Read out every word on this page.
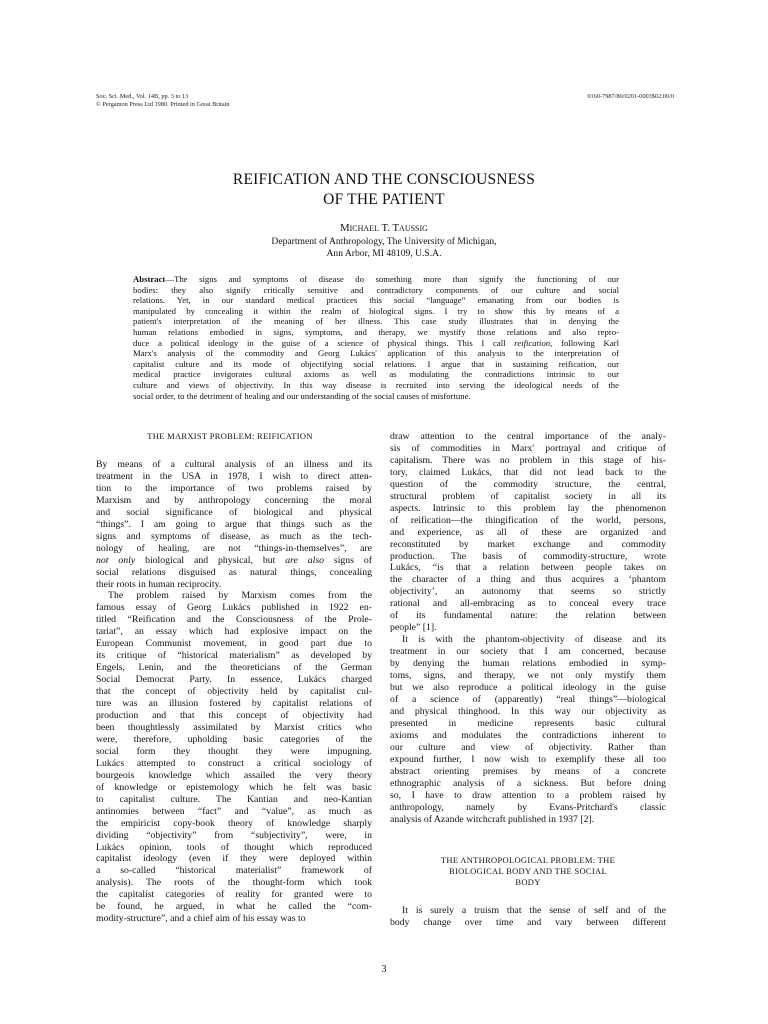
Soc. Sci. Med., Vol. 14B, pp. 3 to 13
© Pergamon Press Ltd 1980. Printed in Great Britain
0160-7987/80/0201-0003$02.00/0
REIFICATION AND THE CONSCIOUSNESS
OF THE PATIENT
Michael T. Taussig
Department of Anthropology, The University of Michigan,
Ann Arbor, MI 48109, U.S.A.
Abstract—The signs and symptoms of disease do something more than signify the functioning of our
bodies: they also signify critically sensitive and contradictory components of our culture and social
relations. Yet, in our standard medical practices this social “language” emanating from our bodies is
manipulated by concealing it within the realm of biological signs. I try to show this by means of a
patient's interpretation of the meaning of her illness. This case study illustrates that in denying the
human relations embodied in signs, symptoms, and therapy, we mystify those relations and also repro-
duce a political ideology in the guise of a science of physical things. This I call reification, following Karl
Marx's analysis of the commodity and Georg Lukács' application of this analysis to the interpretation of
capitalist culture and its mode of objectifying social relations. I argue that in sustaining reification, our
medical practice invigorates cultural axioms as well as modulating the contradictions intrinsic to our
culture and views of objectivity. In this way disease is recruited into serving the ideological needs of the
social order, to the detriment of healing and our understanding of the social causes of misfortune.
THE MARXIST PROBLEM: REIFICATION
By means of a cultural analysis of an illness and its
treatment in the USA in 1978, I wish to direct atten-
tion to the importance of two problems raised by
Marxism and by anthropology concerning the moral
and social significance of biological and physical
“things”. I am going to argue that things such as the
signs and symptoms of disease, as much as the tech-
nology of healing, are not “things-in-themselves”, are
not only biological and physical, but are also signs of
social relations disguised as natural things, concealing
their roots in human reciprocity.
The problem raised by Marxism comes from the
famous essay of Georg Lukács published in 1922 en-
titled “Reification and the Consciousness of the Prole-
tariat”, an essay which had explosive impact on the
European Communist movement, in good part due to
its critique of “historical materialism” as developed by
Engels, Lenin, and the theoreticians of the German
Social Democrat Party. In essence, Lukács charged
that the concept of objectivity held by capitalist cul-
ture was an illusion fostered by capitalist relations of
production and that this concept of objectivity had
been thoughtlessly assimilated by Marxist critics who
were, therefore, upholding basic categories of the
social form they thought they were impugning.
Lukács attempted to construct a critical sociology of
bourgeois knowledge which assailed the very theory
of knowledge or epistemology which he felt was basic
to capitalist culture. The Kantian and neo-Kantian
antinomies between “fact” and “value”, as much as
the empiricist copy-book theory of knowledge sharply
dividing “objectivity” from “subjectivity”, were, in
Lukács opinion, tools of thought which reproduced
capitalist ideology (even if they were deployed within
a so-called “historical materialist” framework of
analysis). The roots of the thought-form which took
the capitalist categories of reality for granted were to
be found, he argued, in what he called the “com-
modity-structure”, and a chief aim of his essay was to
draw attention to the central importance of the analy-
sis of commodities in Marx' portrayal and critique of
capitalism. There was no problem in this stage of his-
tory, claimed Lukács, that did not lead back to the
question of the commodity structure, the central,
structural problem of capitalist society in all its
aspects. Intrinsic to this problem lay the phenomenon
of reification—the thingification of the world, persons,
and experience, as all of these are organized and
reconstituted by market exchange and commodity
production. The basis of commodity-structure, wrote
Lukács, “is that a relation between people takes on
the character of a thing and thus acquires a ‘phantom
objectivity’, an autonomy that seems so strictly
rational and all-embracing as to conceal every trace
of its fundamental nature: the relation between
people” [1].
It is with the phantom-objectivity of disease and its
treatment in our society that I am concerned, because
by denying the human relations embodied in symp-
toms, signs, and therapy, we not only mystify them
but we also reproduce a political ideology in the guise
of a science of (apparently) “real things”—biological
and physical thinghood. In this way our objectivity as
presented in medicine represents basic cultural
axioms and modulates the contradictions inherent to
our culture and view of objectivity. Rather than
expound further, I now wish to exemplify these all too
abstract orienting premises by means of a concrete
ethnographic analysis of a sickness. But before doing
so, I have to draw attention to a problem raised by
anthropology, namely by Evans-Pritchard's classic
analysis of Azande witchcraft published in 1937 [2].
THE ANTHROPOLOGICAL PROBLEM: THE
BIOLOGICAL BODY AND THE SOCIAL
BODY
It is surely a truism that the sense of self and of the
body change over time and vary between different
3
